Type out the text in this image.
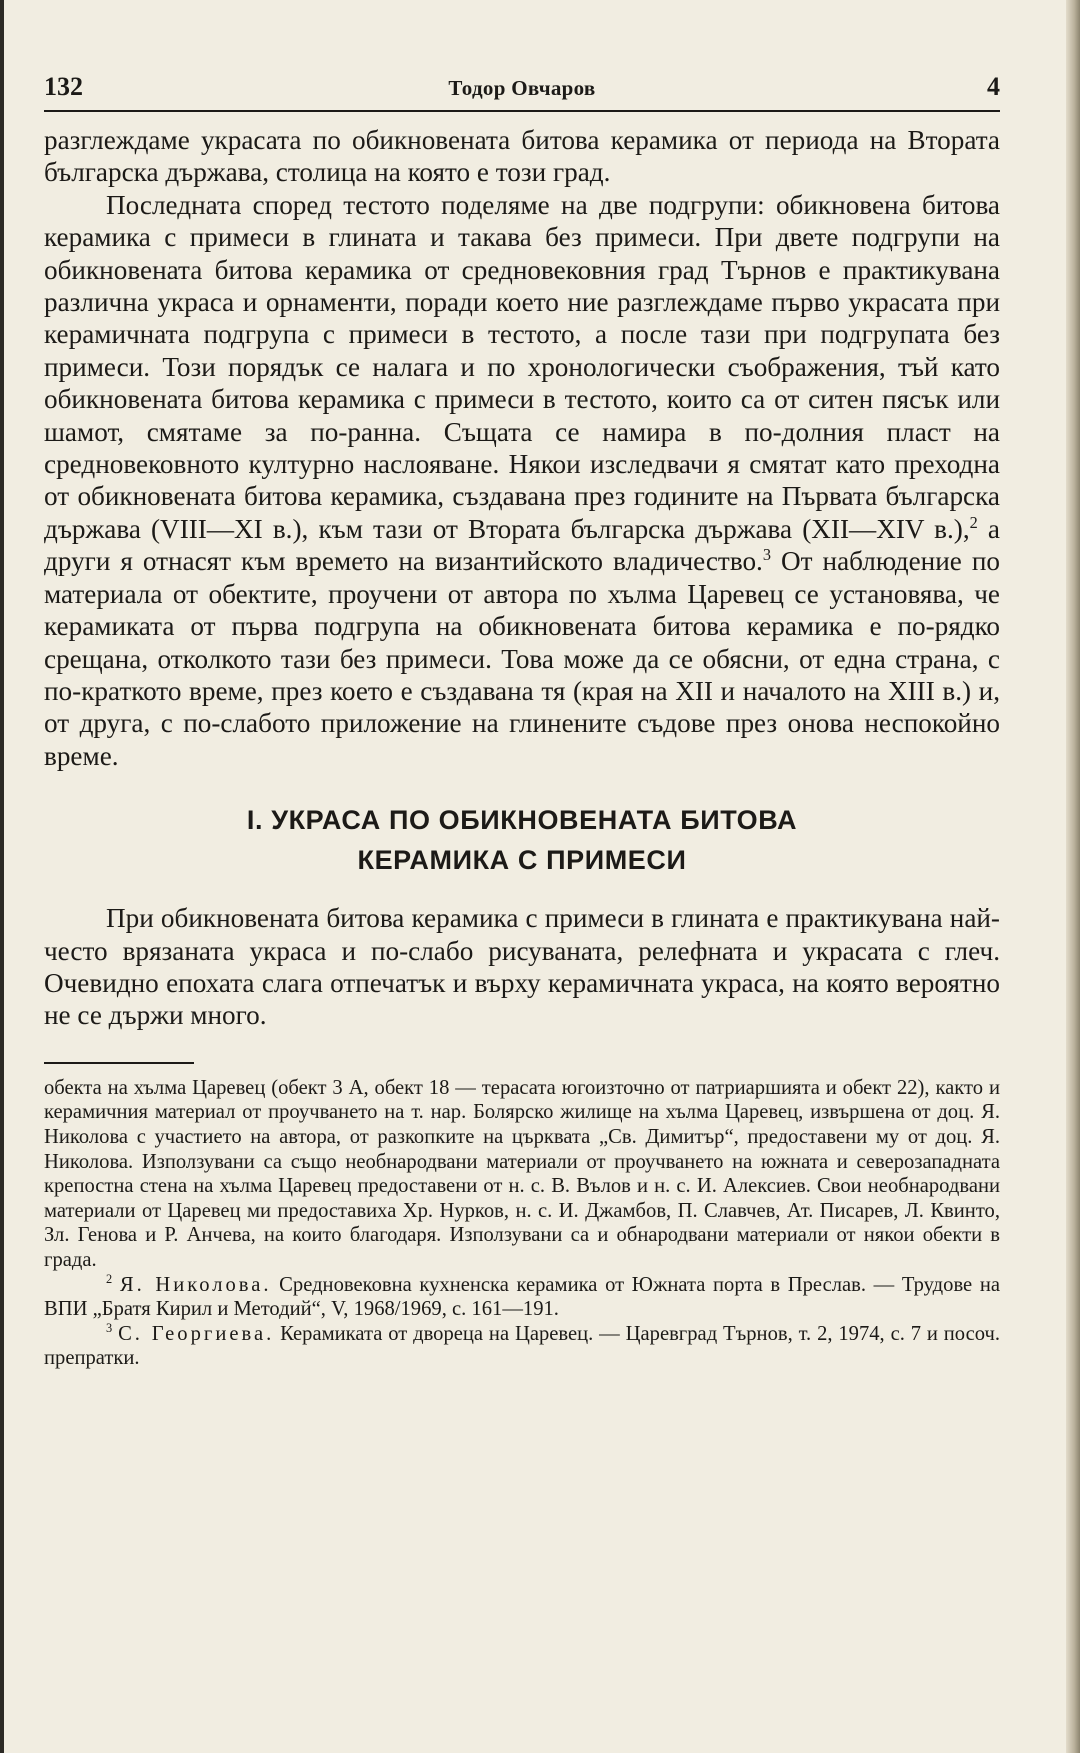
132	Тодор Овчаров	4

разглеждаме украсата по обикновената битова керамика от периода на Втората българска държава, столица на която е този град.

Последната според тестото поделяме на две подгрупи: обикновена битова керамика с примеси в глината и такава без примеси. При двете подгрупи на обикновената битова керамика от средновековния град Търнов е практикувана различна украса и орнаменти, поради което ние разглеждаме първо украсата при керамичната подгрупа с примеси в тестото, а после тази при подгрупата без примеси. Този порядък се налага и по хронологически съображения, тъй като обикновената битова керамика с примеси в тестото, които са от ситен пясък или шамот, смятаме за по-ранна. Същата се намира в по-долния пласт на средновековното културно наслояване. Някои изследвачи я смятат като преходна от обикновената битова керамика, създавана през годините на Първата българска държава (VIII—XI в.), към тази от Втората българска държава (XII—XIV в.),$^2$ а други я отнасят към времето на византийското владичество.$^3$ От наблюдение по материала от обектите, проучени от автора по хълма Царевец се установява, че керамиката от първа подгрупа на обикновената битова керамика е по-рядко срещана, отколкото тази без примеси. Това може да се обясни, от една страна, с по-краткото време, през което е създавана тя (края на XII и началото на XIII в.) и, от друга, с по-слабото приложение на глинените съдове през онова неспокойно време.

I. УКРАСА ПО ОБИКНОВЕНАТА БИТОВА
КЕРАМИКА С ПРИМЕСИ

При обикновената битова керамика с примеси в глината е практикувана най-често врязаната украса и по-слабо рисуваната, релефната и украсата с глеч. Очевидно епохата слага отпечатък и върху керамичната украса, на която вероятно не се държи много.

обекта на хълма Царевец (обект 3 А, обект 18 — терасата югоизточно от патриаршията и обект 22), както и керамичния материал от проучването на т. нар. Болярско жилище на хълма Царевец, извършена от доц. Я. Николова с участието на автора, от разкопките на църквата „Св. Димитър“, предоставени му от доц. Я. Николова. Използувани са също необнародвани материали от проучването на южната и северозападната крепостна стена на хълма Царевец предоставени от н. с. В. Вълов и н. с. И. Алексиев. Свои необнародвани материали от Царевец ми предоставиха Хр. Нурков, н. с. И. Джамбов, П. Славчев, Ат. Писарев, Л. Квинто, Зл. Генова и Р. Анчева, на които благодаря. Използувани са и обнародвани материали от някои обекти в града.

$^2$ Я. Николова. Средновековна кухненска керамика от Южната порта в Преслав. — Трудове на ВПИ „Братя Кирил и Методий“, V, 1968/1969, с. 161—191.

$^3$ С. Георгиева. Керамиката от двореца на Царевец. — Царевград Търнов, т. 2, 1974, с. 7 и посоч. препратки.
